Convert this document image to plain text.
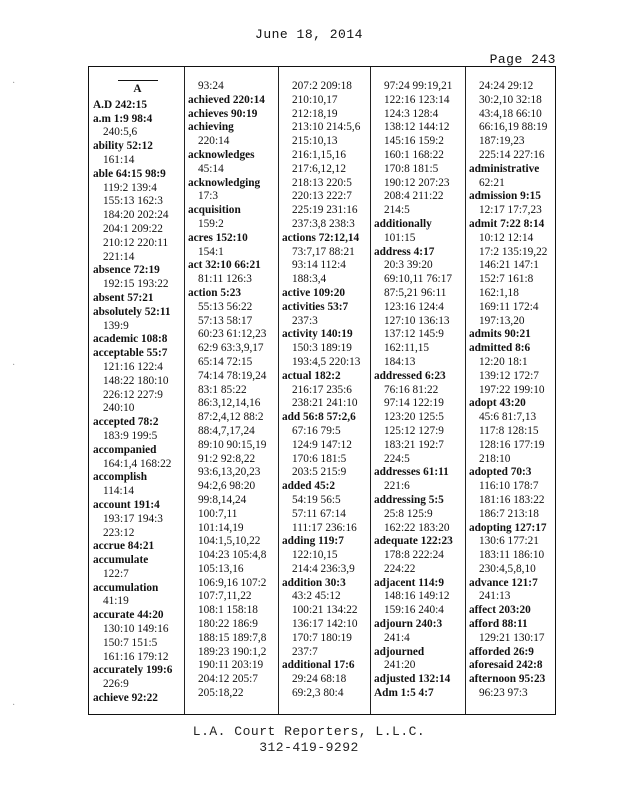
June 18, 2014
Page 243
A
A.D 242:15
a.m 1:9 98:4
240:5,6
ability 52:12
161:14
able 64:15 98:9
119:2 139:4
155:13 162:3
184:20 202:24
204:1 209:22
210:12 220:11
221:14
absence 72:19
192:15 193:22
absent 57:21
absolutely 52:11
139:9
academic 108:8
acceptable 55:7
121:16 122:4
148:22 180:10
226:12 227:9
240:10
accepted 78:2
183:9 199:5
accompanied
164:1,4 168:22
accomplish
114:14
account 191:4
193:17 194:3
223:12
accrue 84:21
accumulate
122:7
accumulation
41:19
accurate 44:20
130:10 149:16
150:7 151:5
161:16 179:12
accurately 199:6
226:9
achieve 92:22
93:24
achieved 220:14
achieves 90:19
achieving
220:14
acknowledges
45:14
acknowledging
17:3
acquisition
159:2
acres 152:10
154:1
act 32:10 66:21
81:11 126:3
action 5:23
55:13 56:22
57:13 58:17
60:23 61:12,23
62:9 63:3,9,17
65:14 72:15
74:14 78:19,24
83:1 85:22
86:3,12,14,16
87:2,4,12 88:2
88:4,7,17,24
89:10 90:15,19
91:2 92:8,22
93:6,13,20,23
94:2,6 98:20
99:8,14,24
100:7,11
101:14,19
104:1,5,10,22
104:23 105:4,8
105:13,16
106:9,16 107:2
107:7,11,22
108:1 158:18
180:22 186:9
188:15 189:7,8
189:23 190:1,2
190:11 203:19
204:12 205:7
205:18,22
207:2 209:18
210:10,17
212:18,19
213:10 214:5,6
215:10,13
216:1,15,16
217:6,12,12
218:13 220:5
220:13 222:7
225:19 231:16
237:3,8 238:3
actions 72:12,14
73:7,17 88:21
93:14 112:4
188:3,4
active 109:20
activities 53:7
237:3
activity 140:19
150:3 189:19
193:4,5 220:13
actual 182:2
216:17 235:6
238:21 241:10
add 56:8 57:2,6
67:16 79:5
124:9 147:12
170:6 181:5
203:5 215:9
added 45:2
54:19 56:5
57:11 67:14
111:17 236:16
adding 119:7
122:10,15
214:4 236:3,9
addition 30:3
43:2 45:12
100:21 134:22
136:17 142:10
170:7 180:19
237:7
additional 17:6
29:24 68:18
69:2,3 80:4
97:24 99:19,21
122:16 123:14
124:3 128:4
138:12 144:12
145:16 159:2
160:1 168:22
170:8 181:5
190:12 207:23
208:4 211:22
214:5
additionally
101:15
address 4:17
20:3 39:20
69:10,11 76:17
87:5,21 96:11
123:16 124:4
127:10 136:13
137:12 145:9
162:11,15
184:13
addressed 6:23
76:16 81:22
97:14 122:19
123:20 125:5
125:12 127:9
183:21 192:7
224:5
addresses 61:11
221:6
addressing 5:5
25:8 125:9
162:22 183:20
adequate 122:23
178:8 222:24
224:22
adjacent 114:9
148:16 149:12
159:16 240:4
adjourn 240:3
241:4
adjourned
241:20
adjusted 132:14
Adm 1:5 4:7
24:24 29:12
30:2,10 32:18
43:4,18 66:10
66:16,19 88:19
187:19,23
225:14 227:16
administrative
62:21
admission 9:15
12:17 17:7,23
admit 7:22 8:14
10:12 12:14
17:2 135:19,22
146:21 147:1
152:7 161:8
162:1,18
169:11 172:4
197:13,20
admits 90:21
admitted 8:6
12:20 18:1
139:12 172:7
197:22 199:10
adopt 43:20
45:6 81:7,13
117:8 128:15
128:16 177:19
218:10
adopted 70:3
116:10 178:7
181:16 183:22
186:7 213:18
adopting 127:17
130:6 177:21
183:11 186:10
230:4,5,8,10
advance 121:7
241:13
affect 203:20
afford 88:11
129:21 130:17
afforded 26:9
aforesaid 242:8
afternoon 95:23
96:23 97:3
L.A. Court Reporters, L.L.C.
312-419-9292
·
·
·
